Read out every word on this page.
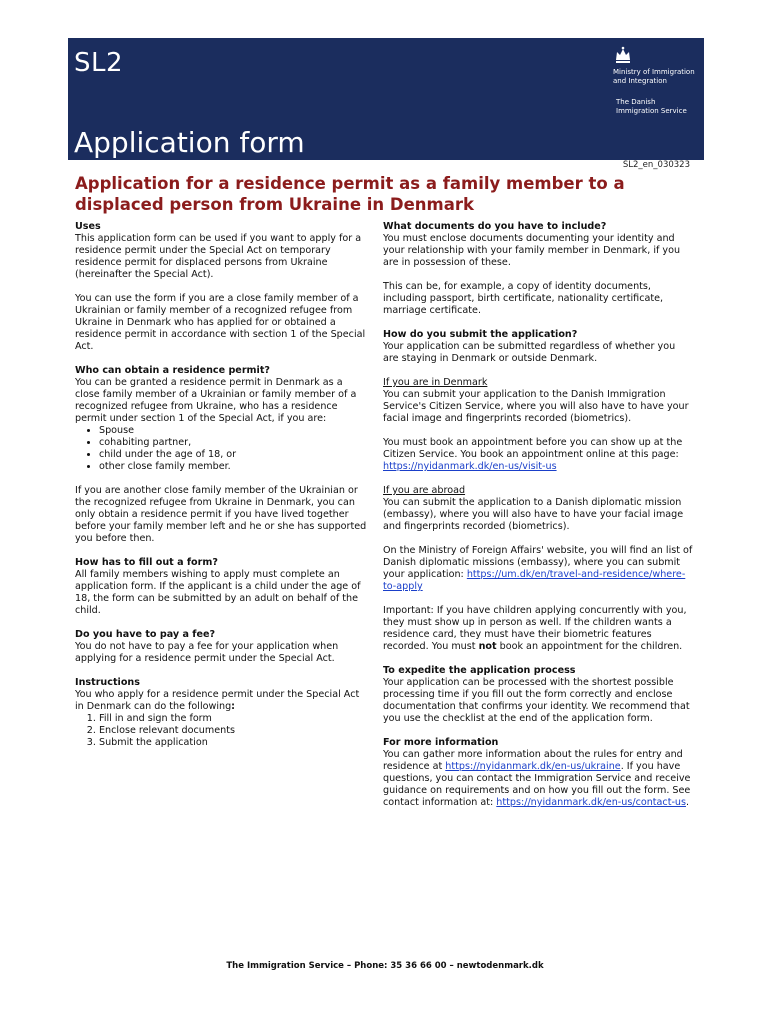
SL2
Application form
Ministry of Immigration
and Integration
The Danish
Immigration Service
SL2_en_030323
Application for a residence permit as a family member to a displaced person from Ukraine in Denmark

Uses

This application form can be used if you want to apply for a residence permit under the Special Act on temporary residence permit for displaced persons from Ukraine (hereinafter the Special Act).

You can use the form if you are a close family member of a Ukrainian or family member of a recognized refugee from Ukraine in Denmark who has applied for or obtained a residence permit in accordance with section 1 of the Special Act.

Who can obtain a residence permit?

You can be granted a residence permit in Denmark as a close family member of a Ukrainian or family member of a recognized refugee from Ukraine, who has a residence permit under section 1 of the Special Act, if you are:

• Spouse
• cohabiting partner,
• child under the age of 18, or
• other close family member.

If you are another close family member of the Ukrainian or the recognized refugee from Ukraine in Denmark, you can only obtain a residence permit if you have lived together before your family member left and he or she has supported you before then.

How has to fill out a form?

All family members wishing to apply must complete an application form. If the applicant is a child under the age of 18, the form can be submitted by an adult on behalf of the child.

Do you have to pay a fee?

You do not have to pay a fee for your application when applying for a residence permit under the Special Act.

Instructions

You who apply for a residence permit under the Special Act in Denmark can do the following:

1. Fill in and sign the form
2. Enclose relevant documents
3. Submit the application

What documents do you have to include?

You must enclose documents documenting your identity and your relationship with your family member in Denmark, if you are in possession of these.

This can be, for example, a copy of identity documents, including passport, birth certificate, nationality certificate, marriage certificate.

How do you submit the application?

Your application can be submitted regardless of whether you are staying in Denmark or outside Denmark.

If you are in Denmark

You can submit your application to the Danish Immigration Service's Citizen Service, where you will also have to have your facial image and fingerprints recorded (biometrics).

You must book an appointment before you can show up at the Citizen Service. You book an appointment online at this page: https://nyidanmark.dk/en-us/visit-us

If you are abroad

You can submit the application to a Danish diplomatic mission (embassy), where you will also have to have your facial image and fingerprints recorded (biometrics).

On the Ministry of Foreign Affairs' website, you will find an list of Danish diplomatic missions (embassy), where you can submit your application: https://um.dk/en/travel-and-residence/where-to-apply

Important: If you have children applying concurrently with you, they must show up in person as well. If the children wants a residence card, they must have their biometric features recorded. You must not book an appointment for the children.

To expedite the application process

Your application can be processed with the shortest possible processing time if you fill out the form correctly and enclose documentation that confirms your identity. We recommend that you use the checklist at the end of the application form.

For more information

You can gather more information about the rules for entry and residence at https://nyidanmark.dk/en-us/ukraine. If you have questions, you can contact the Immigration Service and receive guidance on requirements and on how you fill out the form. See contact information at: https://nyidanmark.dk/en-us/contact-us.

The Immigration Service – Phone: 35 36 66 00 – newtodenmark.dk
